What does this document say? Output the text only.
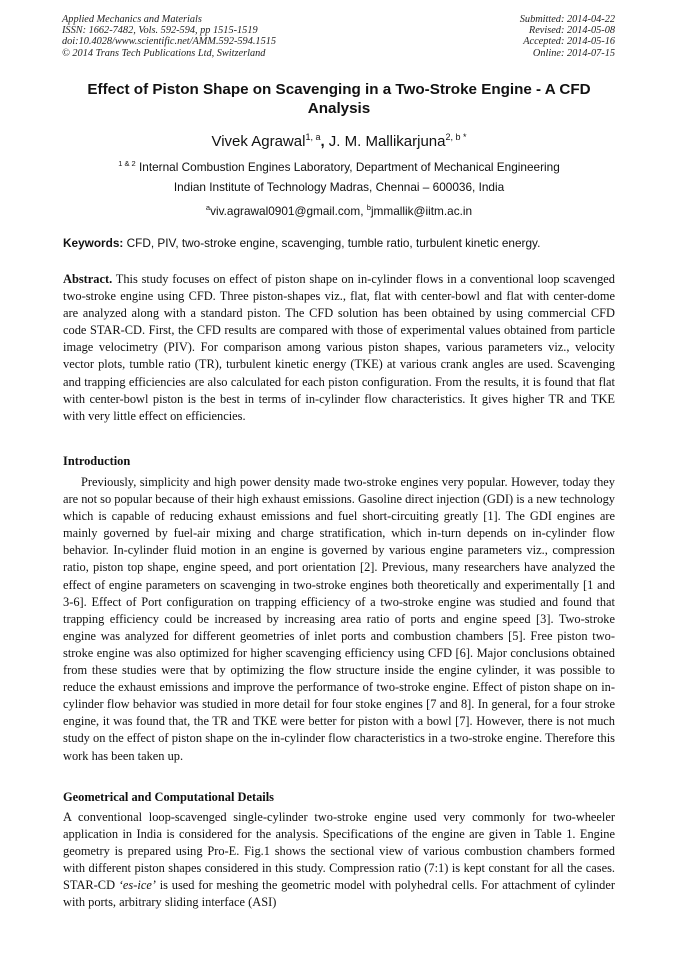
Applied Mechanics and Materials
ISSN: 1662-7482, Vols. 592-594, pp 1515-1519
doi:10.4028/www.scientific.net/AMM.592-594.1515
© 2014 Trans Tech Publications Ltd, Switzerland
Submitted: 2014-04-22
Revised: 2014-05-08
Accepted: 2014-05-16
Online: 2014-07-15
Effect of Piston Shape on Scavenging in a Two-Stroke Engine - A CFD
Analysis
Vivek Agrawal$^{1, a}$, J. M. Mallikarjuna$^{2, b *}$
$^{1 \& 2}$ Internal Combustion Engines Laboratory, Department of Mechanical Engineering
Indian Institute of Technology Madras, Chennai – 600036, India
$^a$viv.agrawal0901@gmail.com, $^b$jmmallik@iitm.ac.in
Keywords: CFD, PIV, two-stroke engine, scavenging, tumble ratio, turbulent kinetic energy.
Abstract. This study focuses on effect of piston shape on in-cylinder flows in a conventional loop scavenged two-stroke engine using CFD. Three piston-shapes viz., flat, flat with center-bowl and flat with center-dome are analyzed along with a standard piston. The CFD solution has been obtained by using commercial CFD code STAR-CD. First, the CFD results are compared with those of experimental values obtained from particle image velocimetry (PIV). For comparison among various piston shapes, various parameters viz., velocity vector plots, tumble ratio (TR), turbulent kinetic energy (TKE) at various crank angles are used. Scavenging and trapping efficiencies are also calculated for each piston configuration. From the results, it is found that flat with center-bowl piston is the best in terms of in-cylinder flow characteristics. It gives higher TR and TKE with very little effect on efficiencies.
Introduction
Previously, simplicity and high power density made two-stroke engines very popular. However, today they are not so popular because of their high exhaust emissions. Gasoline direct injection (GDI) is a new technology which is capable of reducing exhaust emissions and fuel short-circuiting greatly [1]. The GDI engines are mainly governed by fuel-air mixing and charge stratification, which in-turn depends on in-cylinder flow behavior. In-cylinder fluid motion in an engine is governed by various engine parameters viz., compression ratio, piston top shape, engine speed, and port orientation [2]. Previous, many researchers have analyzed the effect of engine parameters on scavenging in two-stroke engines both theoretically and experimentally [1 and 3-6]. Effect of Port configuration on trapping efficiency of a two-stroke engine was studied and found that trapping efficiency could be increased by increasing area ratio of ports and engine speed [3]. Two-stroke engine was analyzed for different geometries of inlet ports and combustion chambers [5]. Free piston two-stroke engine was also optimized for higher scavenging efficiency using CFD [6]. Major conclusions obtained from these studies were that by optimizing the flow structure inside the engine cylinder, it was possible to reduce the exhaust emissions and improve the performance of two-stroke engine. Effect of piston shape on in-cylinder flow behavior was studied in more detail for four stoke engines [7 and 8]. In general, for a four stroke engine, it was found that, the TR and TKE were better for piston with a bowl [7]. However, there is not much study on the effect of piston shape on the in-cylinder flow characteristics in a two-stroke engine. Therefore this work has been taken up.
Geometrical and Computational Details
A conventional loop-scavenged single-cylinder two-stroke engine used very commonly for two-wheeler application in India is considered for the analysis. Specifications of the engine are given in Table 1. Engine geometry is prepared using Pro-E. Fig.1 shows the sectional view of various combustion chambers formed with different piston shapes considered in this study. Compression ratio (7:1) is kept constant for all the cases. STAR-CD ‘es-ice’ is used for meshing the geometric model with polyhedral cells. For attachment of cylinder with ports, arbitrary sliding interface (ASI)
